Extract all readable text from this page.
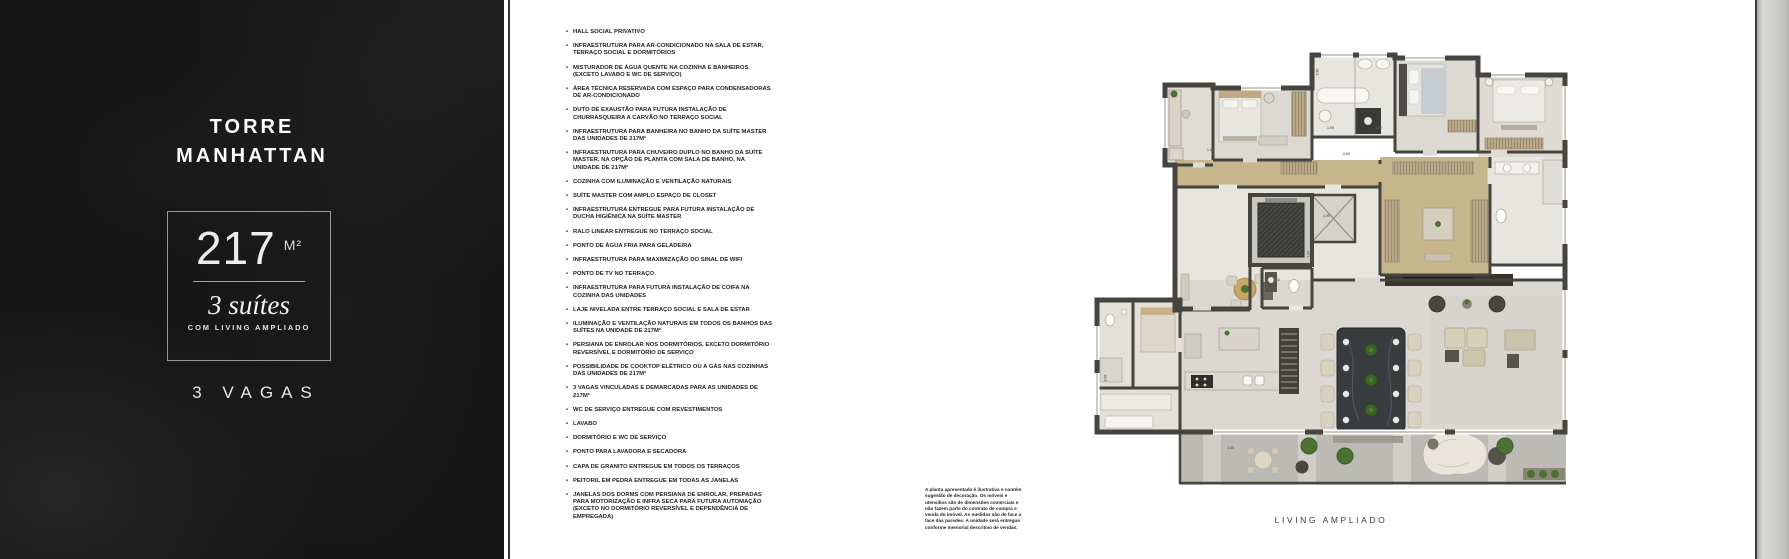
TORRE
MANHATTAN
217 M²
3 suítes
COM LIVING AMPLIADO
3 VAGAS
• HALL SOCIAL PRIVATIVO
• INFRAESTRUTURA PARA AR-CONDICIONADO NA SALA DE ESTAR, TERRAÇO SOCIAL E DORMITÓRIOS
• MISTURADOR DE ÁGUA QUENTE NA COZINHA E BANHEIROS (EXCETO LAVABO E WC DE SERVIÇO)
• ÁREA TÉCNICA RESERVADA COM ESPAÇO PARA CONDENSADORAS DE AR-CONDICIONADO
• DUTO DE EXAUSTÃO PARA FUTURA INSTALAÇÃO DE CHURRASQUEIRA A CARVÃO NO TERRAÇO SOCIAL
• INFRAESTRUTURA PARA BANHEIRA NO BANHO DA SUÍTE MASTER DAS UNIDADES DE 217M²
• INFRAESTRUTURA PARA CHUVEIRO DUPLO NO BANHO DA SUÍTE MASTER, NA OPÇÃO DE PLANTA COM SALA DE BANHO, NA UNIDADE DE 217M²
• COZINHA COM ILUMINAÇÃO E VENTILAÇÃO NATURAIS
• SUÍTE MASTER COM AMPLO ESPAÇO DE CLOSET
• INFRAESTRUTURA ENTREGUE PARA FUTURA INSTALAÇÃO DE DUCHA HIGIÊNICA NA SUÍTE MASTER
• RALO LINEAR ENTREGUE NO TERRAÇO SOCIAL
• PONTO DE ÁGUA FRIA PARA GELADEIRA
• INFRAESTRUTURA PARA MAXIMIZAÇÃO DO SINAL DE WIFI
• PONTO DE TV NO TERRAÇO
• INFRAESTRUTURA PARA FUTURA INSTALAÇÃO DE COIFA NA COZINHA DAS UNIDADES
• LAJE NIVELADA ENTRE TERRAÇO SOCIAL E SALA DE ESTAR
• ILUMINAÇÃO E VENTILAÇÃO NATURAIS EM TODOS OS BANHOS DAS SUÍTES NA UNIDADE DE 217M²
• PERSIANA DE ENROLAR NOS DORMITÓRIOS, EXCETO DORMITÓRIO REVERSÍVEL E DORMITÓRIO DE SERVIÇO
• POSSIBILIDADE DE COOKTOP ELÉTRICO OU A GÁS NAS COZINHAS DAS UNIDADES DE 217M²
• 3 VAGAS VINCULADAS E DEMARCADAS PARA AS UNIDADES DE 217M²
• WC DE SERVIÇO ENTREGUE COM REVESTIMENTOS
• LAVABO
• DORMITÓRIO E WC DE SERVIÇO
• PONTO PARA LAVADORA E SECADORA
• CAPA DE GRANITO ENTREGUE EM TODOS OS TERRAÇOS
• PEITORIL EM PEDRA ENTREGUE EM TODAS AS JANELAS
• JANELAS DOS DORMS COM PERSIANA DE ENROLAR, PREPADAS PARA MOTORIZAÇÃO E INFRA SECA PARA FUTURA AUTOMAÇÃO (EXCETO NO DORMITÓRIO REVERSÍVEL E DEPENDÊNCIA DE EMPREGADA)

A planta apresentada é ilustrativa e contém sugestão de decoração. Os móveis e utensílios são de dimensões comerciais e não fazem parte do contrato de compra e venda do imóvel. As medidas são de face a face das paredes. A unidade será entregue conforme memorial descritivo de vendas.

2.90
1.05	1.20
2.94
1.31
1.50
1.42
1.52
2.40
2.05
LIVING AMPLIADO
